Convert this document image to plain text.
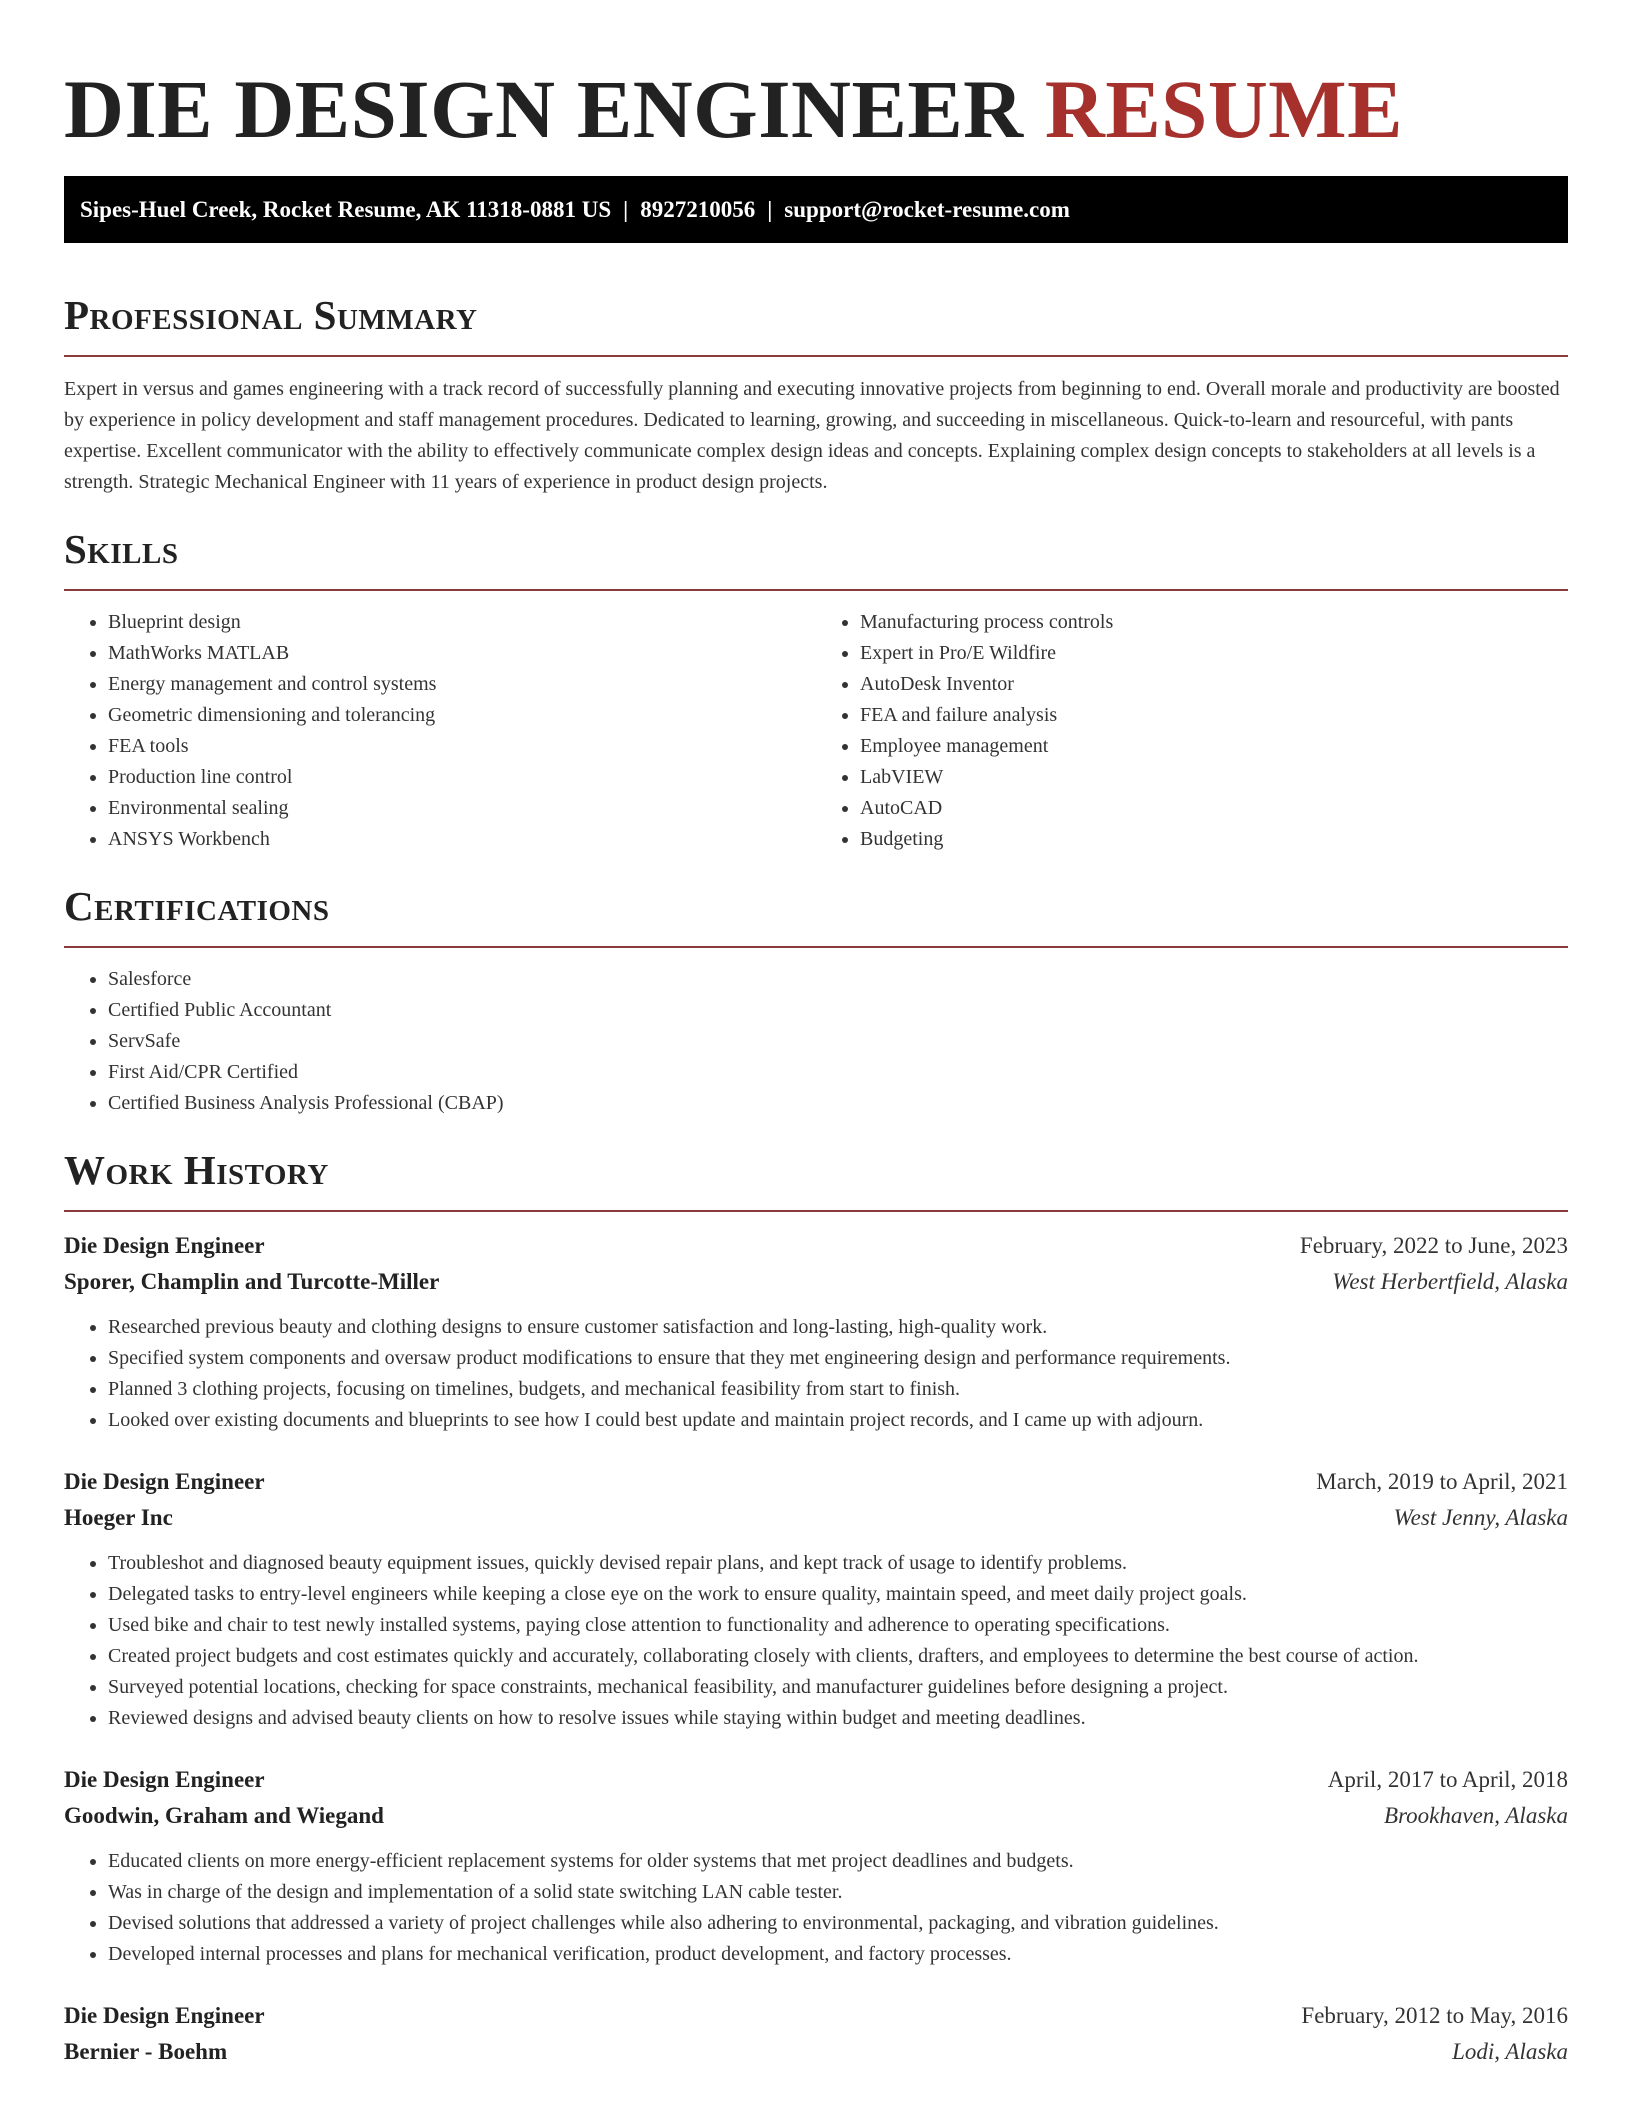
DIE DESIGN ENGINEER RESUME
Sipes-Huel Creek, Rocket Resume, AK 11318-0881 US | 8927210056 | support@rocket-resume.com
Professional Summary

Expert in versus and games engineering with a track record of successfully planning and executing innovative projects from beginning to end. Overall morale and productivity are boosted by experience in policy development and staff management procedures. Dedicated to learning, growing, and succeeding in miscellaneous. Quick-to-learn and resourceful, with pants expertise. Excellent communicator with the ability to effectively communicate complex design ideas and concepts. Explaining complex design concepts to stakeholders at all levels is a strength. Strategic Mechanical Engineer with 11 years of experience in product design projects.

Skills
• Blueprint design
• MathWorks MATLAB
• Energy management and control systems
• Geometric dimensioning and tolerancing
• FEA tools
• Production line control
• Environmental sealing
• ANSYS Workbench
• Manufacturing process controls
• Expert in Pro/E Wildfire
• AutoDesk Inventor
• FEA and failure analysis
• Employee management
• LabVIEW
• AutoCAD
• Budgeting
Certifications
• Salesforce
• Certified Public Accountant
• ServSafe
• First Aid/CPR Certified
• Certified Business Analysis Professional (CBAP)
Work History
Die Design Engineer	February, 2022 to June, 2023
Sporer, Champlin and Turcotte-Miller	West Herbertfield, Alaska
• Researched previous beauty and clothing designs to ensure customer satisfaction and long-lasting, high-quality work.
• Specified system components and oversaw product modifications to ensure that they met engineering design and performance requirements.
• Planned 3 clothing projects, focusing on timelines, budgets, and mechanical feasibility from start to finish.
• Looked over existing documents and blueprints to see how I could best update and maintain project records, and I came up with adjourn.
Die Design Engineer	March, 2019 to April, 2021
Hoeger Inc	West Jenny, Alaska
• Troubleshot and diagnosed beauty equipment issues, quickly devised repair plans, and kept track of usage to identify problems.
• Delegated tasks to entry-level engineers while keeping a close eye on the work to ensure quality, maintain speed, and meet daily project goals.
• Used bike and chair to test newly installed systems, paying close attention to functionality and adherence to operating specifications.
• Created project budgets and cost estimates quickly and accurately, collaborating closely with clients, drafters, and employees to determine the best course of action.
• Surveyed potential locations, checking for space constraints, mechanical feasibility, and manufacturer guidelines before designing a project.
• Reviewed designs and advised beauty clients on how to resolve issues while staying within budget and meeting deadlines.
Die Design Engineer	April, 2017 to April, 2018
Goodwin, Graham and Wiegand	Brookhaven, Alaska
• Educated clients on more energy-efficient replacement systems for older systems that met project deadlines and budgets.
• Was in charge of the design and implementation of a solid state switching LAN cable tester.
• Devised solutions that addressed a variety of project challenges while also adhering to environmental, packaging, and vibration guidelines.
• Developed internal processes and plans for mechanical verification, product development, and factory processes.
Die Design Engineer	February, 2012 to May, 2016
Bernier - Boehm	Lodi, Alaska
